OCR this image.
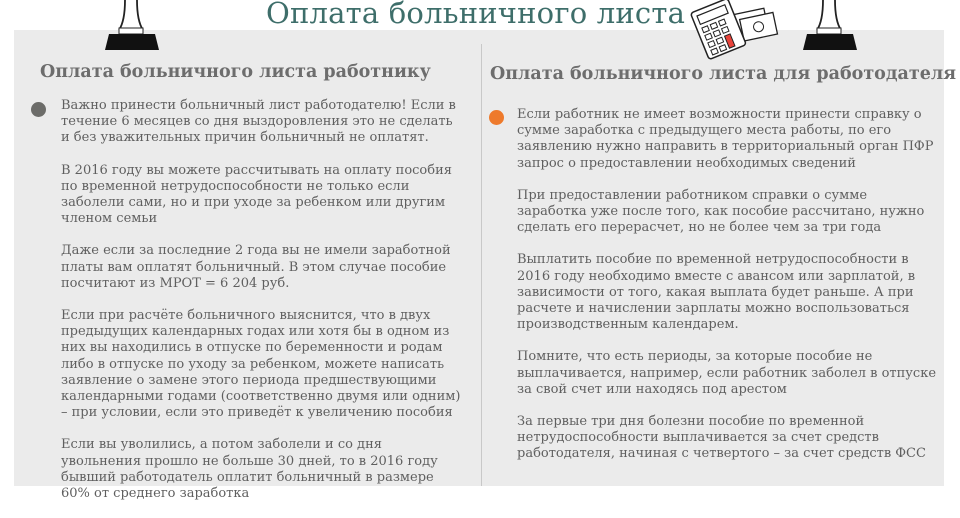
Оплата больничного листа
Оплата больничного листа работнику	Оплата больничного листа для работодателя

Важно принести больничный лист работодателю! Если в течение 6 месяцев со дня выздоровления это не сделать и без уважительных причин больничный не оплатят.

В 2016 году вы можете рассчитывать на оплату пособия по временной нетрудоспособности не только если заболели сами, но и при уходе за ребенком или другим членом семьи

Даже если за последние 2 года вы не имели заработной платы вам оплатят больничный. В этом случае пособие посчитают из МРОТ = 6 204 руб.

Если при расчёте больничного выяснится, что в двух предыдущих календарных годах или хотя бы в одном из них вы находились в отпуске по беременности и родам либо в отпуске по уходу за ребенком, можете написать заявление о замене этого периода предшествующими календарными годами (соответственно двумя или одним) – при условии, если это приведёт к увеличению пособия

Если вы уволились, а потом заболели и со дня увольнения прошло не больше 30 дней, то в 2016 году бывший работодатель оплатит больничный в размере 60% от среднего заработка

Если работник не имеет возможности принести справку о сумме заработка с предыдущего места работы, по его заявлению нужно направить в территориальный орган ПФР запрос о предоставлении необходимых сведений

При предоставлении работником справки о сумме заработка уже после того, как пособие рассчитано, нужно сделать его перерасчет, но не более чем за три года

Выплатить пособие по временной нетрудоспособности в 2016 году необходимо вместе с авансом или зарплатой, в зависимости от того, какая выплата будет раньше. А при расчете и начислении зарплаты можно воспользоваться производственным календарем.

Помните, что есть периоды, за которые пособие не выплачивается, например, если работник заболел в отпуске за свой счет или находясь под арестом

За первые три дня болезни пособие по временной нетрудоспособности выплачивается за счет средств работодателя, начиная с четвертого – за счет средств ФСС
